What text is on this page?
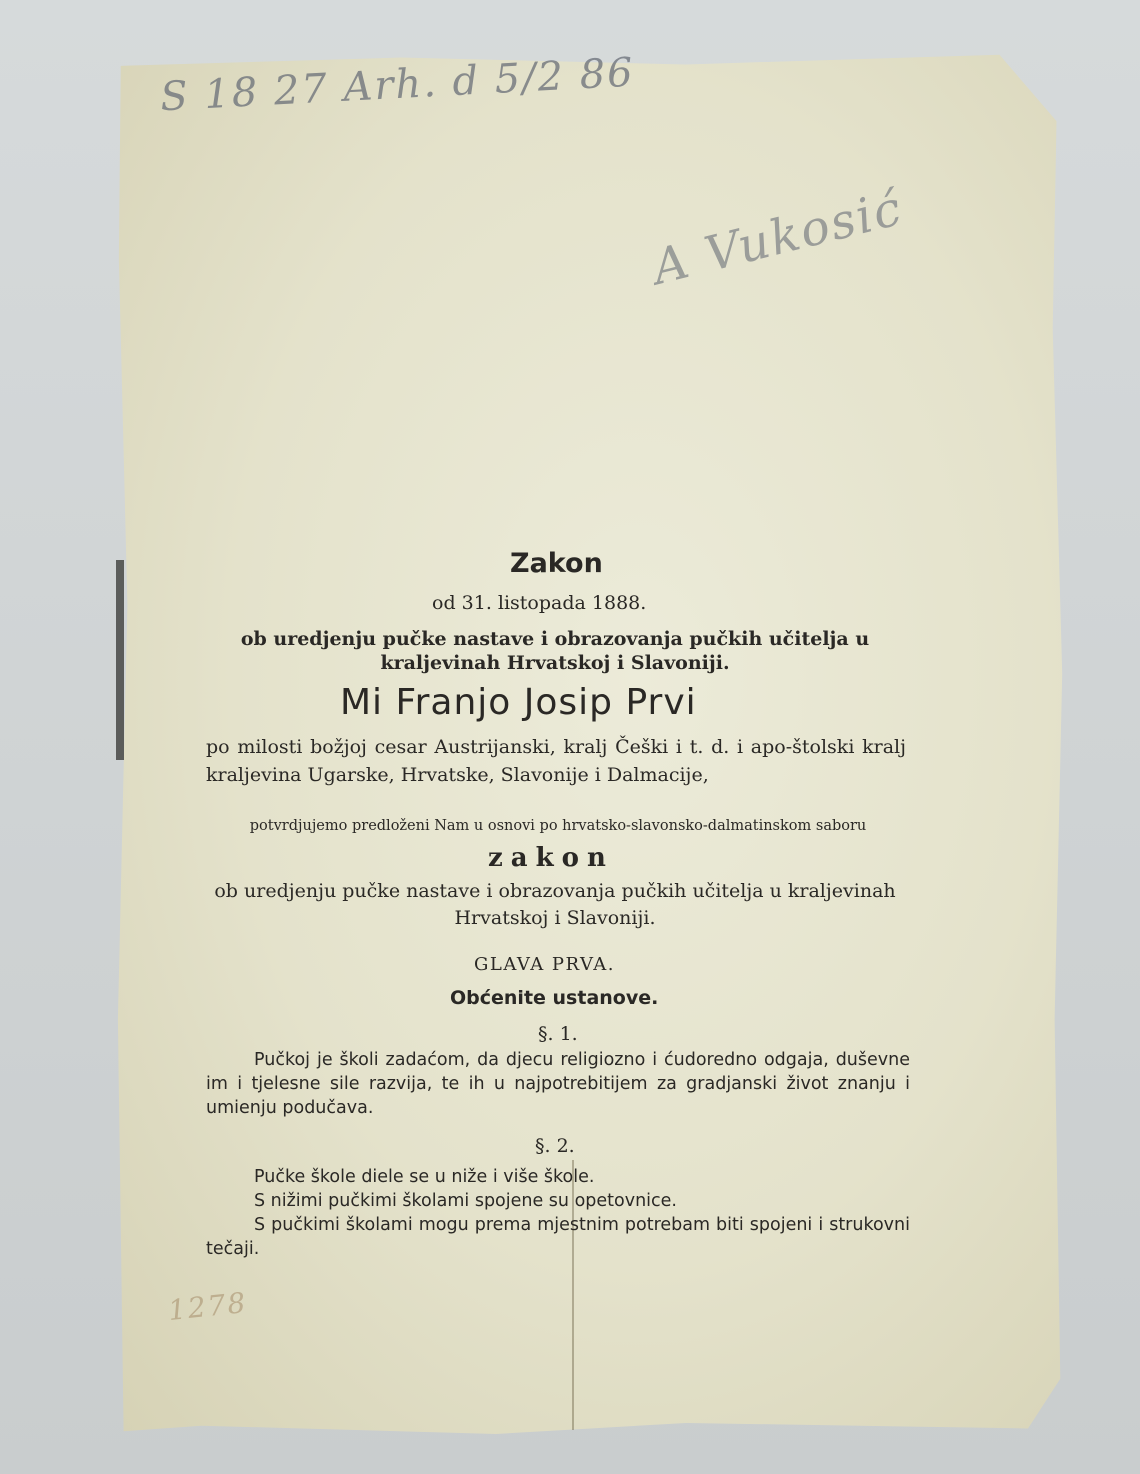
S 18 27 Arh. d 5/2 86
A Vukosić
1278
Zakon
od 31. listopada 1888.
ob uredjenju pučke nastave i obrazovanja pučkih učitelja u kraljevinah Hrvatskoj i Slavoniji.
Mi Franjo Josip Prvi
po milosti božjoj cesar Austrijanski, kralj Češki i t. d. i apo-štolski kralj kraljevina Ugarske, Hrvatske, Slavonije i Dalmacije,
potvrdjujemo predloženi Nam u osnovi po hrvatsko-slavonsko-dalmatinskom saboru
zakon
ob uredjenju pučke nastave i obrazovanja pučkih učitelja u kraljevinah Hrvatskoj i Slavoniji.
GLAVA PRVA.
Obćenite ustanove.
§. 1.
Pučkoj je školi zadaćom, da djecu religiozno i ćudoredno odgaja, duševne im i tjelesne sile razvija, te ih u najpotrebitijem za gradjanski život znanju i umienju podučava.
§. 2.
Pučke škole diele se u niže i više škole.
S nižimi pučkimi školami spojene su opetovnice.
S pučkimi školami mogu prema mjestnim potrebam biti spojeni i strukovni tečaji.
